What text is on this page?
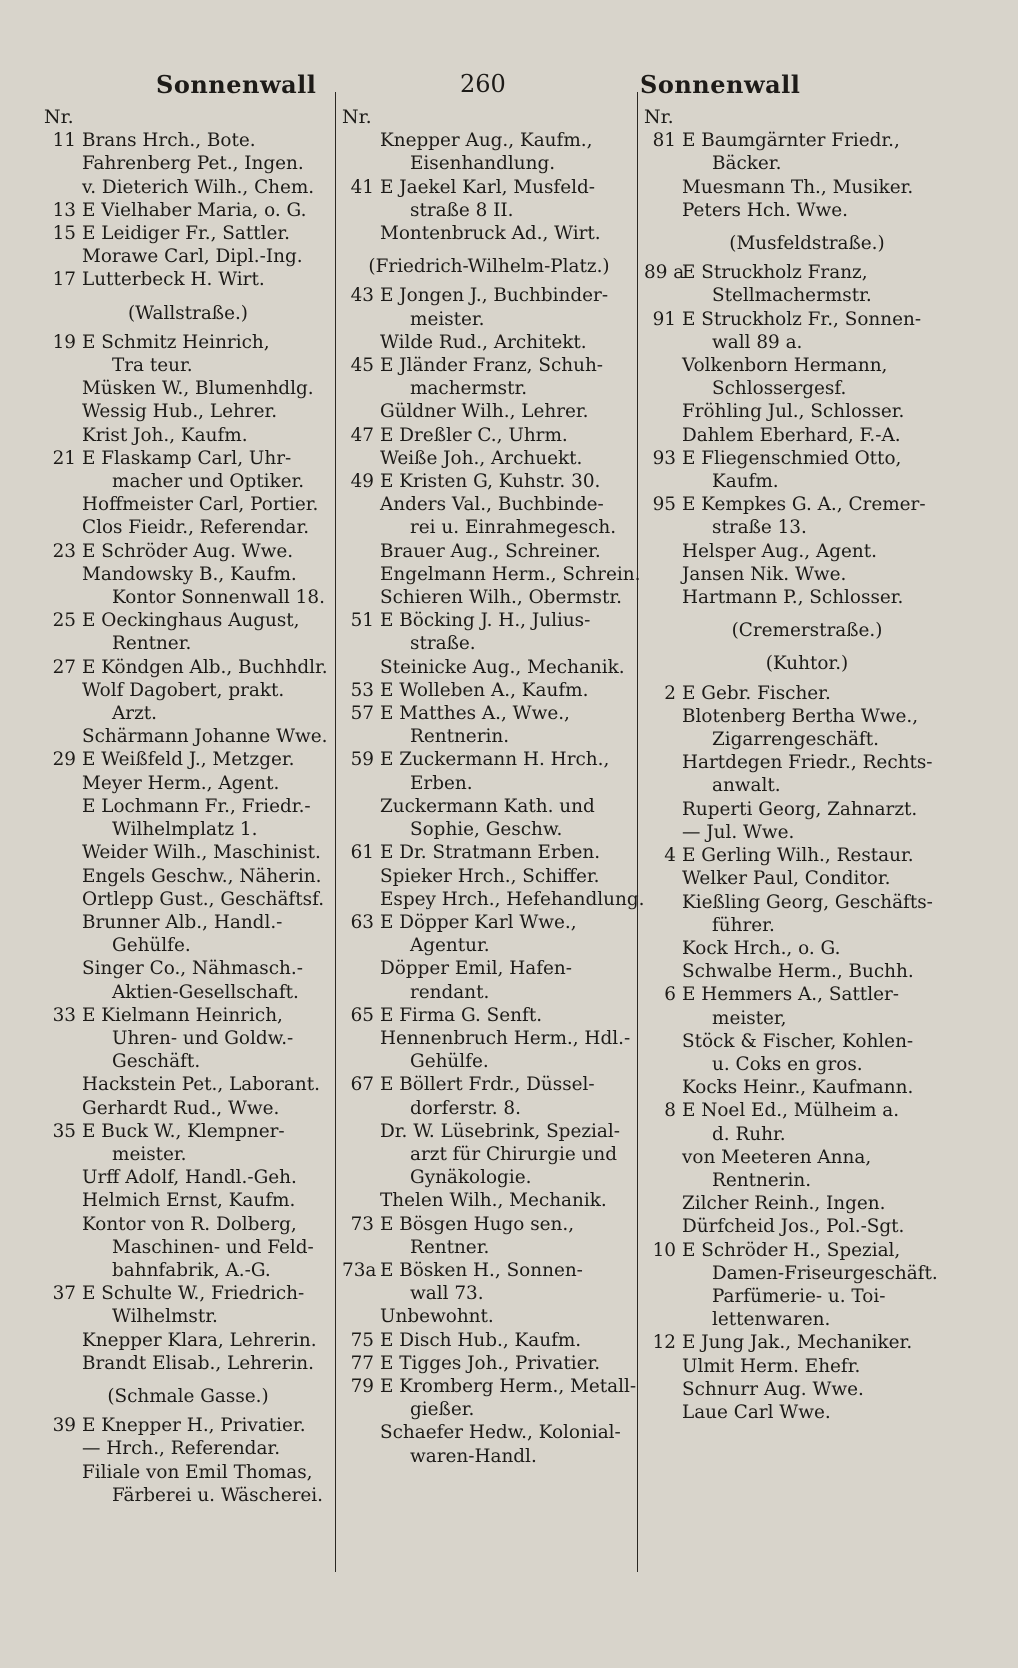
Sonnenwall	260	Sonnenwall
Nr.
11 Brans Hrch., Bote.
Fahrenberg Pet., Ingen.
v. Dieterich Wilh., Chem.
13 E Vielhaber Maria, o. G.
15 E Leidiger Fr., Sattler.
Morawe Carl, Dipl.-Ing.
17 Lutterbeck H. Wirt.
(Wallstraße.)
19 E Schmitz Heinrich,
Tra teur.
Müsken W., Blumenhdlg.
Wessig Hub., Lehrer.
Krist Joh., Kaufm.
21 E Flaskamp Carl, Uhr-
macher und Optiker.
Hoffmeister Carl, Portier.
Clos Fieidr., Referendar.
23 E Schröder Aug. Wwe.
Mandowsky B., Kaufm.
Kontor Sonnenwall 18.
25 E Oeckinghaus August,
Rentner.
27 E Köndgen Alb., Buchhdlr.
Wolf Dagobert, prakt.
Arzt.
Schärmann Johanne Wwe.
29 E Weißfeld J., Metzger.
Meyer Herm., Agent.
E Lochmann Fr., Friedr.-
Wilhelmplatz 1.
Weider Wilh., Maschinist.
Engels Geschw., Näherin.
Ortlepp Gust., Geschäftsf.
Brunner Alb., Handl.-
Gehülfe.
Singer Co., Nähmasch.-
Aktien-Gesellschaft.
33 E Kielmann Heinrich,
Uhren- und Goldw.-
Geschäft.
Hackstein Pet., Laborant.
Gerhardt Rud., Wwe.
35 E Buck W., Klempner-
meister.
Urff Adolf, Handl.-Geh.
Helmich Ernst, Kaufm.
Kontor von R. Dolberg,
Maschinen- und Feld-
bahnfabrik, A.-G.
37 E Schulte W., Friedrich-
Wilhelmstr.
Knepper Klara, Lehrerin.
Brandt Elisab., Lehrerin.
(Schmale Gasse.)
39 E Knepper H., Privatier.
— Hrch., Referendar.
Filiale von Emil Thomas,
Färberei u. Wäscherei.
Nr.
Knepper Aug., Kaufm.,
Eisenhandlung.
41 E Jaekel Karl, Musfeld-
straße 8 II.
Montenbruck Ad., Wirt.
(Friedrich-Wilhelm-Platz.)
43 E Jongen J., Buchbinder-
meister.
Wilde Rud., Architekt.
45 E Jländer Franz, Schuh-
machermstr.
Güldner Wilh., Lehrer.
47 E Dreßler C., Uhrm.
Weiße Joh., Archuekt.
49 E Kristen G, Kuhstr. 30.
Anders Val., Buchbinde-
rei u. Einrahmegesch.
Brauer Aug., Schreiner.
Engelmann Herm., Schrein.
Schieren Wilh., Obermstr.
51 E Böcking J. H., Julius-
straße.
Steinicke Aug., Mechanik.
53 E Wolleben A., Kaufm.
57 E Matthes A., Wwe.,
Rentnerin.
59 E Zuckermann H. Hrch.,
Erben.
Zuckermann Kath. und
Sophie, Geschw.
61 E Dr. Stratmann Erben.
Spieker Hrch., Schiffer.
Espey Hrch., Hefehandlung.
63 E Döpper Karl Wwe.,
Agentur.
Döpper Emil, Hafen-
rendant.
65 E Firma G. Senft.
Hennenbruch Herm., Hdl.-
Gehülfe.
67 E Böllert Frdr., Düssel-
dorferstr. 8.
Dr. W. Lüsebrink, Spezial-
arzt für Chirurgie und
Gynäkologie.
Thelen Wilh., Mechanik.
73 E Bösgen Hugo sen.,
Rentner.
73a E Bösken H., Sonnen-
wall 73.
Unbewohnt.
75 E Disch Hub., Kaufm.
77 E Tigges Joh., Privatier.
79 E Kromberg Herm., Metall-
gießer.
Schaefer Hedw., Kolonial-
waren-Handl.
Nr.
81 E Baumgärnter Friedr.,
Bäcker.
Muesmann Th., Musiker.
Peters Hch. Wwe.
(Musfeldstraße.)
89 aE Struckholz Franz,
Stellmachermstr.
91 E Struckholz Fr., Sonnen-
wall 89 a.
Volkenborn Hermann,
Schlossergesf.
Fröhling Jul., Schlosser.
Dahlem Eberhard, F.-A.
93 E Fliegenschmied Otto,
Kaufm.
95 E Kempkes G. A., Cremer-
straße 13.
Helsper Aug., Agent.
Jansen Nik. Wwe.
Hartmann P., Schlosser.
(Cremerstraße.)
(Kuhtor.)
2 E Gebr. Fischer.
Blotenberg Bertha Wwe.,
Zigarrengeschäft.
Hartdegen Friedr., Rechts-
anwalt.
Ruperti Georg, Zahnarzt.
— Jul. Wwe.
4 E Gerling Wilh., Restaur.
Welker Paul, Conditor.
Kießling Georg, Geschäfts-
führer.
Kock Hrch., o. G.
Schwalbe Herm., Buchh.
6 E Hemmers A., Sattler-
meister,
Stöck & Fischer, Kohlen-
u. Coks en gros.
Kocks Heinr., Kaufmann.
8 E Noel Ed., Mülheim a.
d. Ruhr.
von Meeteren Anna,
Rentnerin.
Zilcher Reinh., Ingen.
Dürfcheid Jos., Pol.-Sgt.
10 E Schröder H., Spezial,
Damen-Friseurgeschäft.
Parfümerie- u. Toi-
lettenwaren.
12 E Jung Jak., Mechaniker.
Ulmit Herm. Ehefr.
Schnurr Aug. Wwe.
Laue Carl Wwe.
